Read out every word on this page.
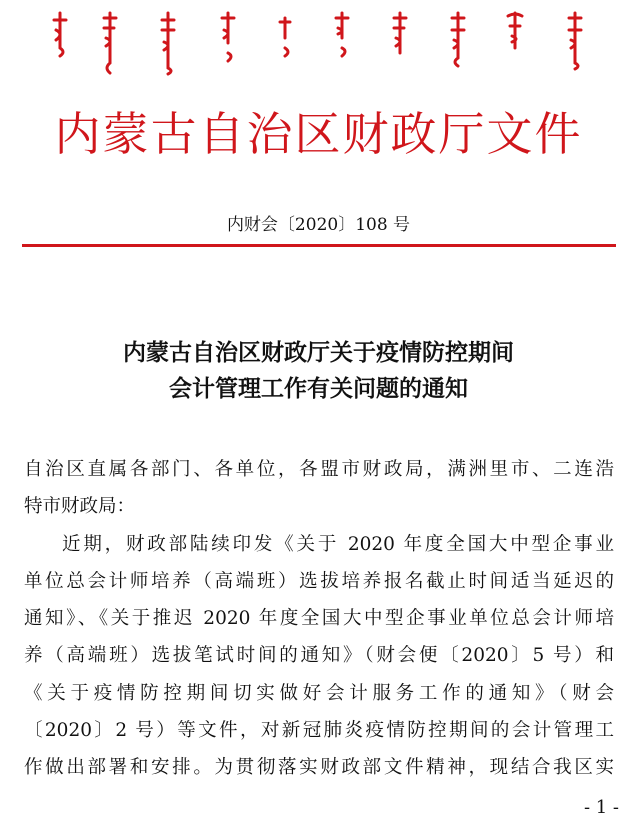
内蒙古自治区财政厅文件
内财会〔2020〕108 号
内蒙古自治区财政厅关于疫情防控期间
会计管理工作有关问题的通知
自治区直属各部门、各单位，各盟市财政局，满洲里市、二连浩
特市财政局：
近期，财政部陆续印发《关于 2020 年度全国大中型企事业
单位总会计师培养（高端班）选拔培养报名截止时间适当延迟的
通知》、《关于推迟 2020 年度全国大中型企事业单位总会计师培
养（高端班）选拔笔试时间的通知》（财会便〔2020〕5 号）和
《关于疫情防控期间切实做好会计服务工作的通知》（财会
〔2020〕2 号）等文件，对新冠肺炎疫情防控期间的会计管理工
作做出部署和安排。为贯彻落实财政部文件精神，现结合我区实
- 1 -
